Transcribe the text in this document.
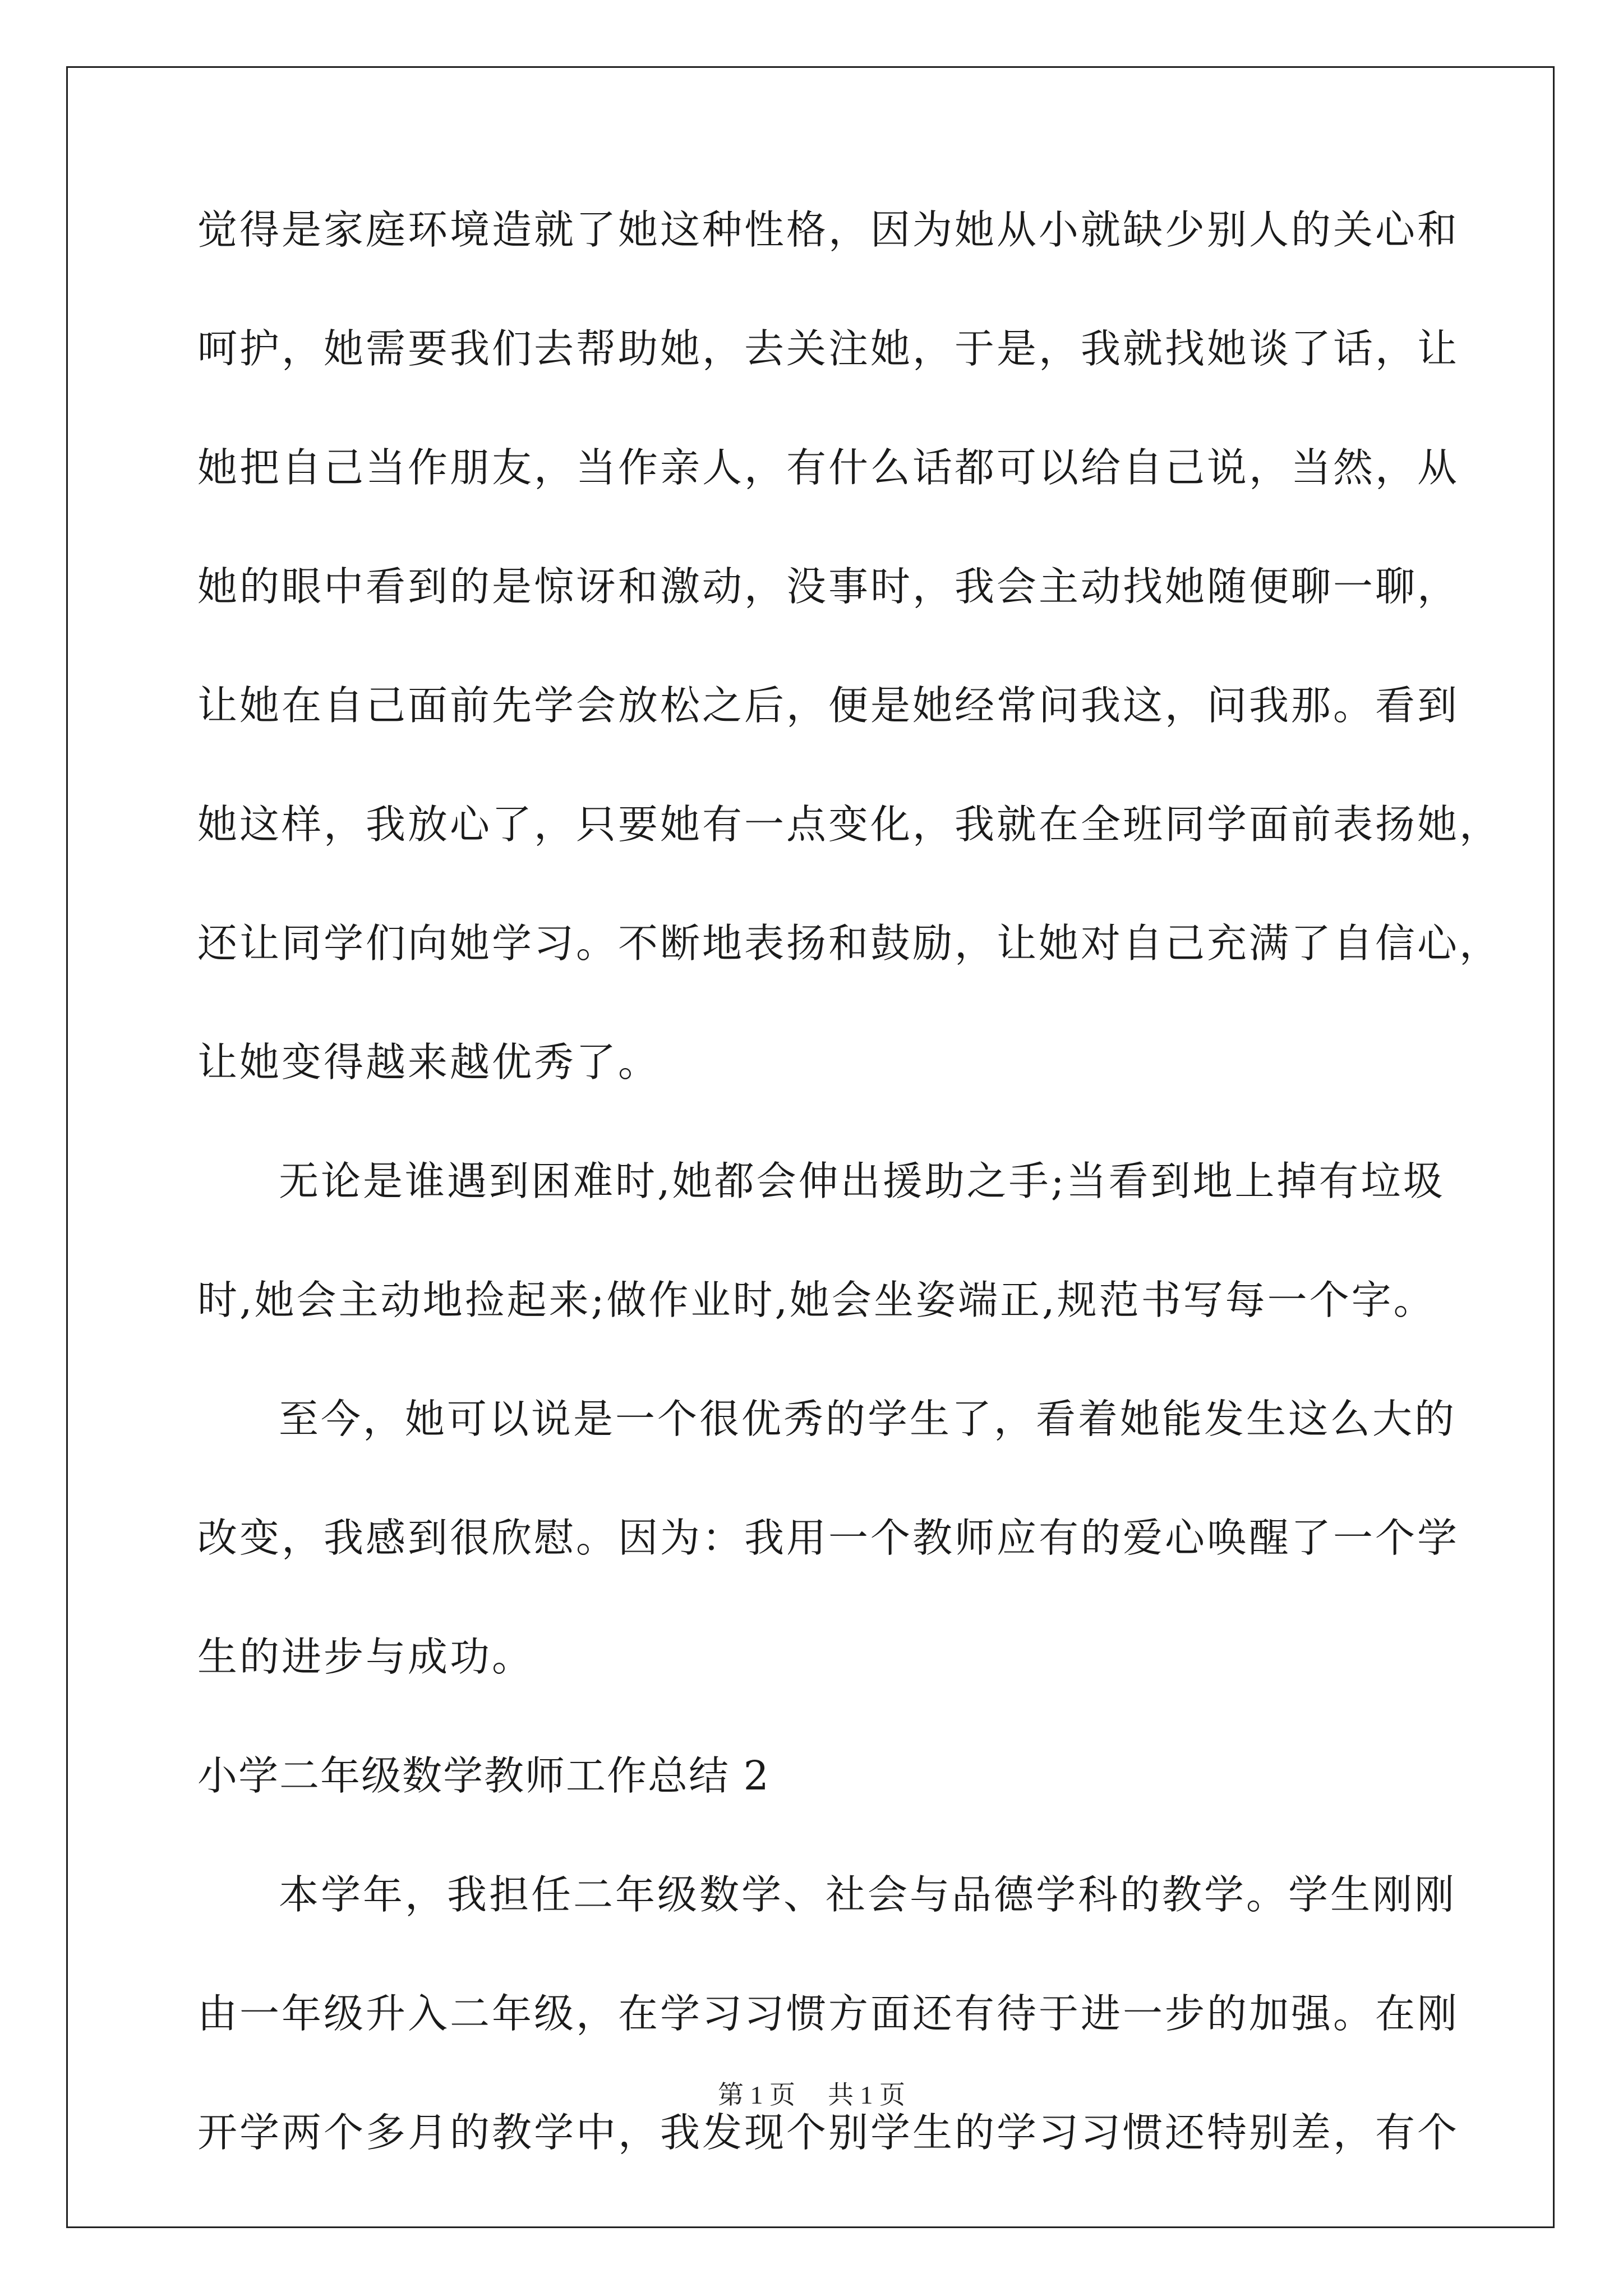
觉得是家庭环境造就了她这种性格，因为她从小就缺少别人的关心和
呵护，她需要我们去帮助她，去关注她，于是，我就找她谈了话，让
她把自己当作朋友，当作亲人，有什么话都可以给自己说，当然，从
她的眼中看到的是惊讶和激动，没事时，我会主动找她随便聊一聊，
让她在自己面前先学会放松之后，便是她经常问我这，问我那。看到
她这样，我放心了，只要她有一点变化，我就在全班同学面前表扬她，
还让同学们向她学习。不断地表扬和鼓励，让她对自己充满了自信心，
让她变得越来越优秀了。
无论是谁遇到困难时,她都会伸出援助之手;当看到地上掉有垃圾
时,她会主动地捡起来;做作业时,她会坐姿端正,规范书写每一个字。
至今，她可以说是一个很优秀的学生了，看着她能发生这么大的
改变，我感到很欣慰。因为：我用一个教师应有的爱心唤醒了一个学
生的进步与成功。
小学二年级数学教师工作总结 2
本学年，我担任二年级数学、社会与品德学科的教学。学生刚刚
由一年级升入二年级，在学习习惯方面还有待于进一步的加强。在刚
开学两个多月的教学中，我发现个别学生的学习习惯还特别差，有个
第 1 页 共 1 页
